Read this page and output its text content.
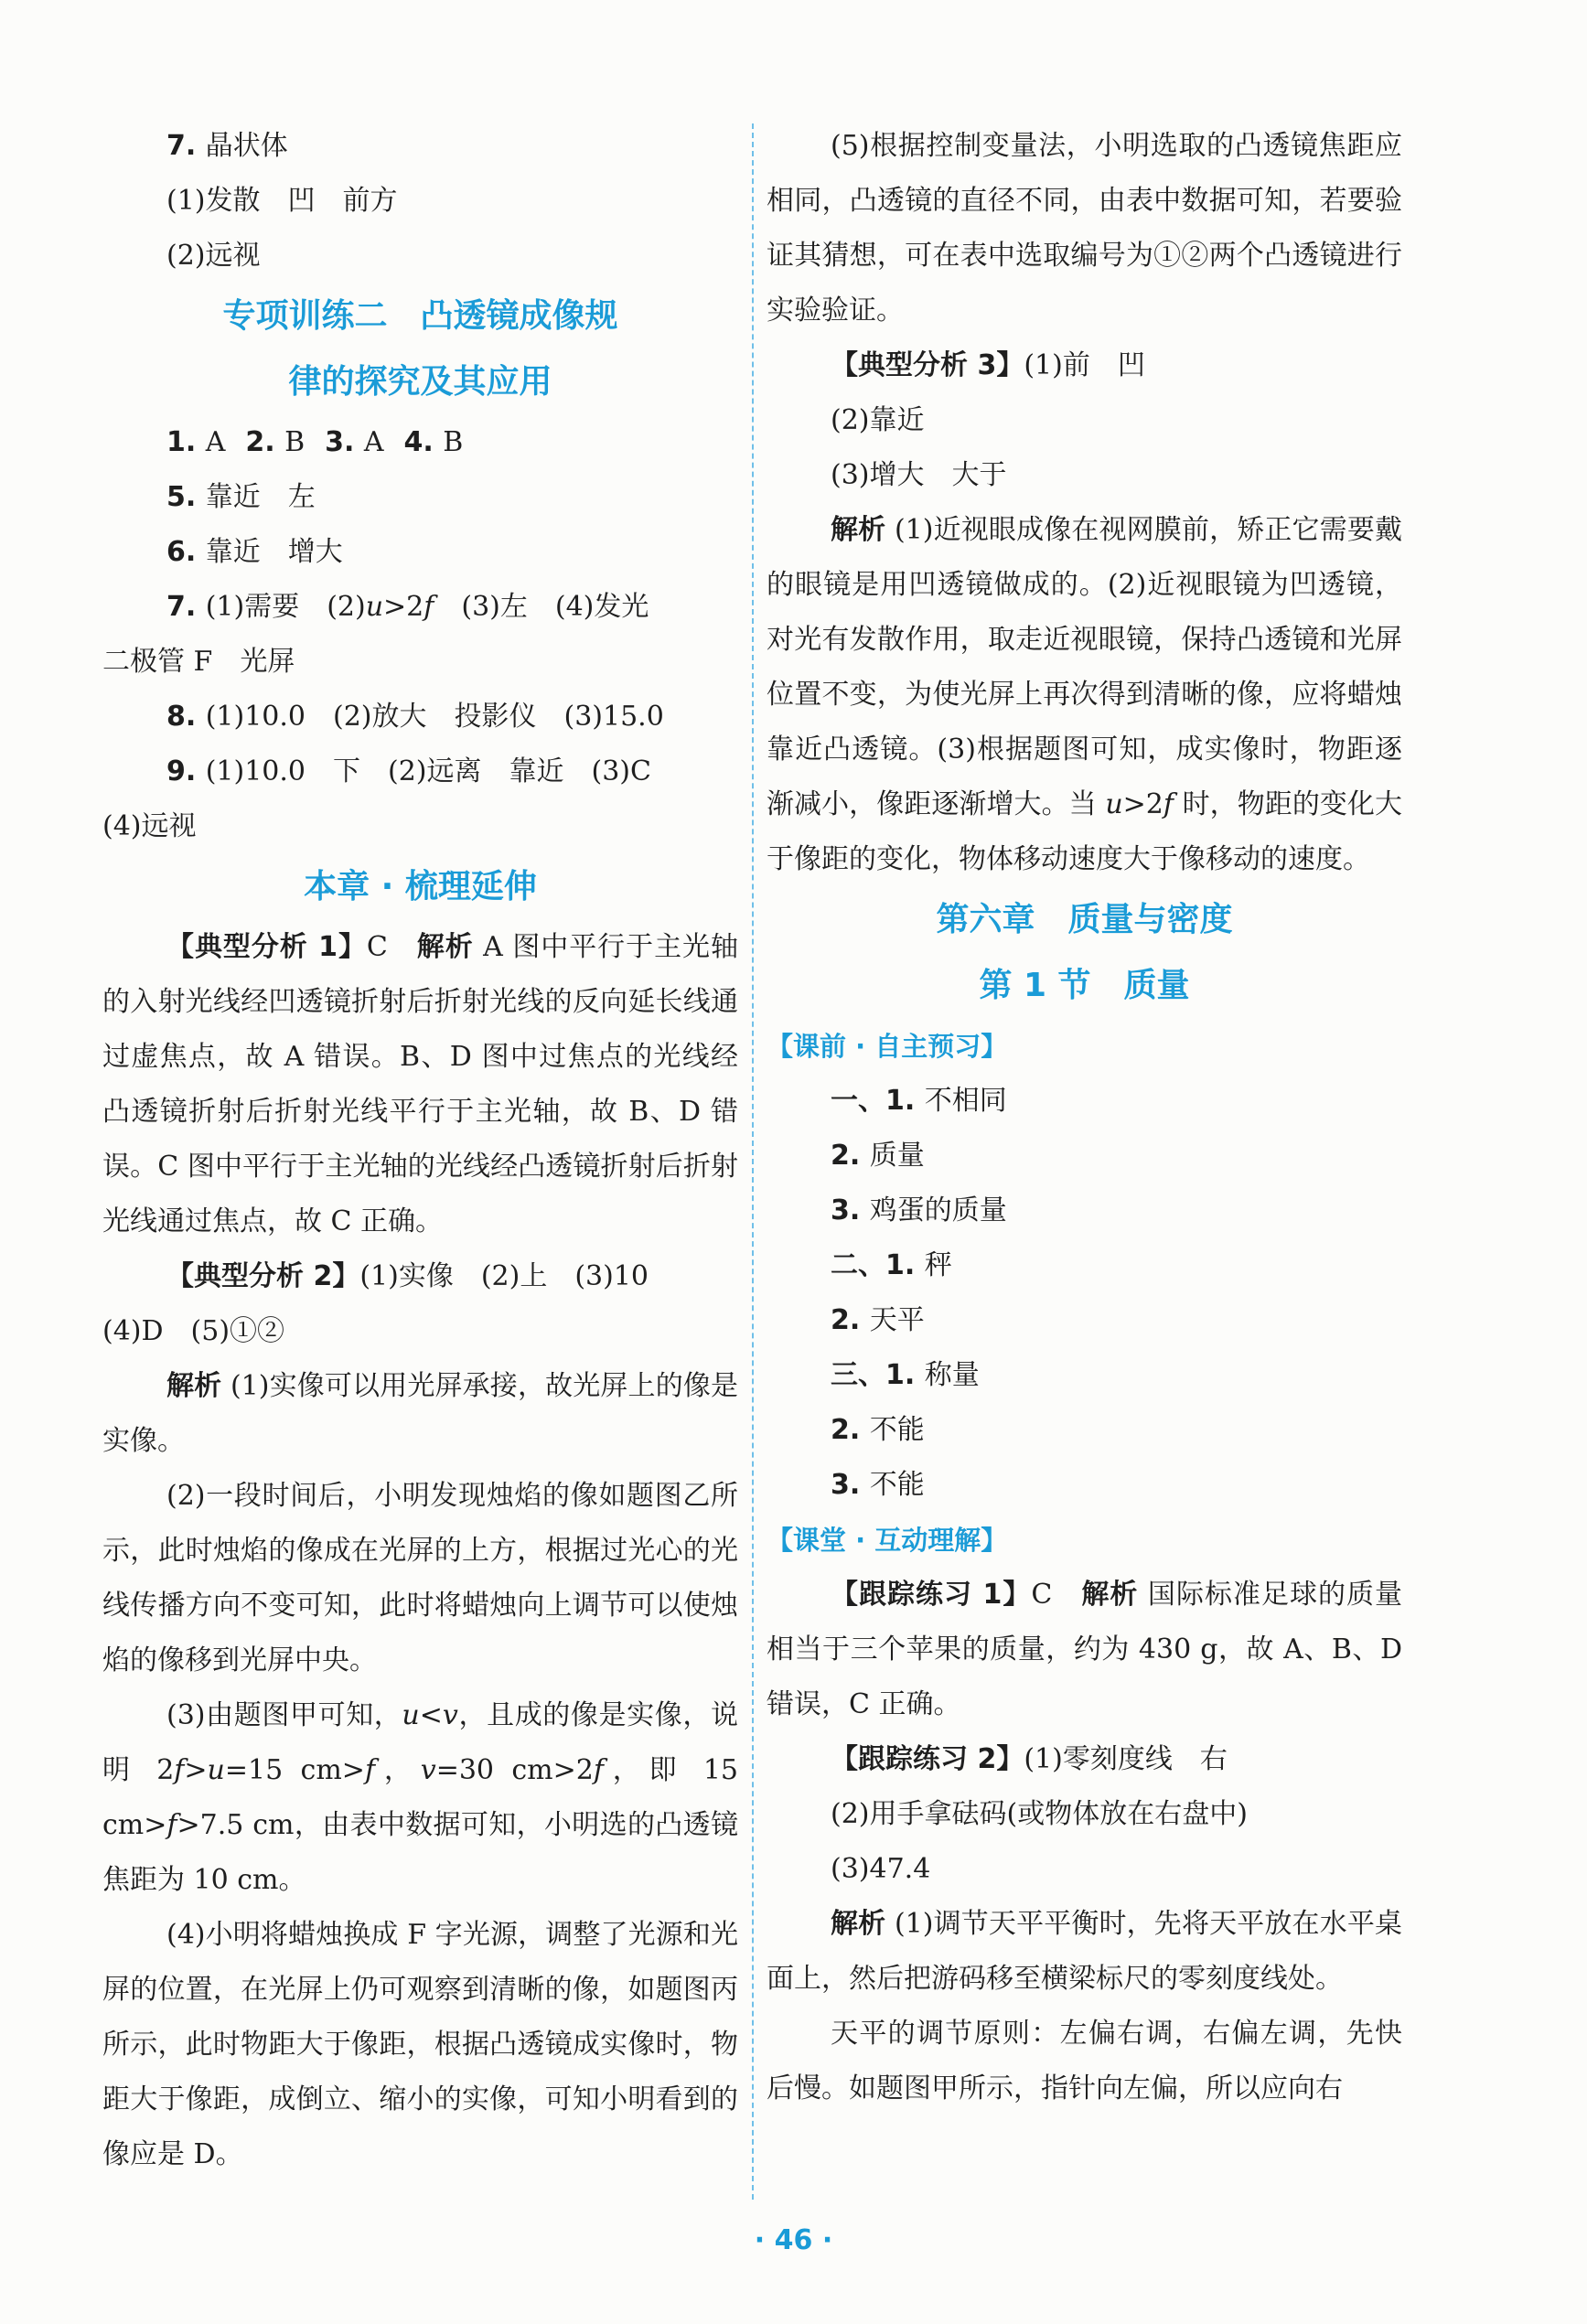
7. 晶状体
(1)发散　凹　前方
(2)远视
专项训练二　凸透镜成像规
律的探究及其应用
1. A 2. B 3. A 4. B
5. 靠近　左
6. 靠近　增大
7. (1)需要　(2)u>2f　(3)左　(4)发光
二极管 F　光屏
8. (1)10.0　(2)放大　投影仪　(3)15.0
9. (1)10.0　下　(2)远离　靠近　(3)C
(4)远视
本章 · 梳理延伸
【典型分析 1】C　解析 A 图中平行于主光轴的入射光线经凹透镜折射后折射光线的反向延长线通过虚焦点，故 A 错误。B、D 图中过焦点的光线经凸透镜折射后折射光线平行于主光轴，故 B、D 错误。C 图中平行于主光轴的光线经凸透镜折射后折射光线通过焦点，故 C 正确。
【典型分析 2】(1)实像　(2)上　(3)10
(4)D　(5)①②
解析 (1)实像可以用光屏承接，故光屏上的像是实像。
(2)一段时间后，小明发现烛焰的像如题图乙所示，此时烛焰的像成在光屏的上方，根据过光心的光线传播方向不变可知，此时将蜡烛向上调节可以使烛焰的像移到光屏中央。
(3)由题图甲可知，u<v，且成的像是实像，说明 2f>u=15 cm>f，v=30 cm>2f，即 15 cm>f>7.5 cm，由表中数据可知，小明选的凸透镜焦距为 10 cm。
(4)小明将蜡烛换成 F 字光源，调整了光源和光屏的位置，在光屏上仍可观察到清晰的像，如题图丙所示，此时物距大于像距，根据凸透镜成实像时，物距大于像距，成倒立、缩小的实像，可知小明看到的像应是 D。
(5)根据控制变量法，小明选取的凸透镜焦距应相同，凸透镜的直径不同，由表中数据可知，若要验证其猜想，可在表中选取编号为①②两个凸透镜进行实验验证。
【典型分析 3】(1)前　凹
(2)靠近
(3)增大　大于
解析 (1)近视眼成像在视网膜前，矫正它需要戴的眼镜是用凹透镜做成的。(2)近视眼镜为凹透镜，对光有发散作用，取走近视眼镜，保持凸透镜和光屏位置不变，为使光屏上再次得到清晰的像，应将蜡烛靠近凸透镜。(3)根据题图可知，成实像时，物距逐渐减小，像距逐渐增大。当 u>2f 时，物距的变化大于像距的变化，物体移动速度大于像移动的速度。
第六章　质量与密度
第 1 节　质量
【课前 · 自主预习】
一、1. 不相同
2. 质量
3. 鸡蛋的质量
二、1. 秤
2. 天平
三、1. 称量
2. 不能
3. 不能
【课堂 · 互动理解】
【跟踪练习 1】C　解析 国际标准足球的质量相当于三个苹果的质量，约为 430 g，故 A、B、D 错误，C 正确。
【跟踪练习 2】(1)零刻度线　右
(2)用手拿砝码(或物体放在右盘中)
(3)47.4
解析 (1)调节天平平衡时，先将天平放在水平桌面上，然后把游码移至横梁标尺的零刻度线处。
天平的调节原则：左偏右调，右偏左调，先快后慢。如题图甲所示，指针向左偏，所以应向右
· 46 ·
